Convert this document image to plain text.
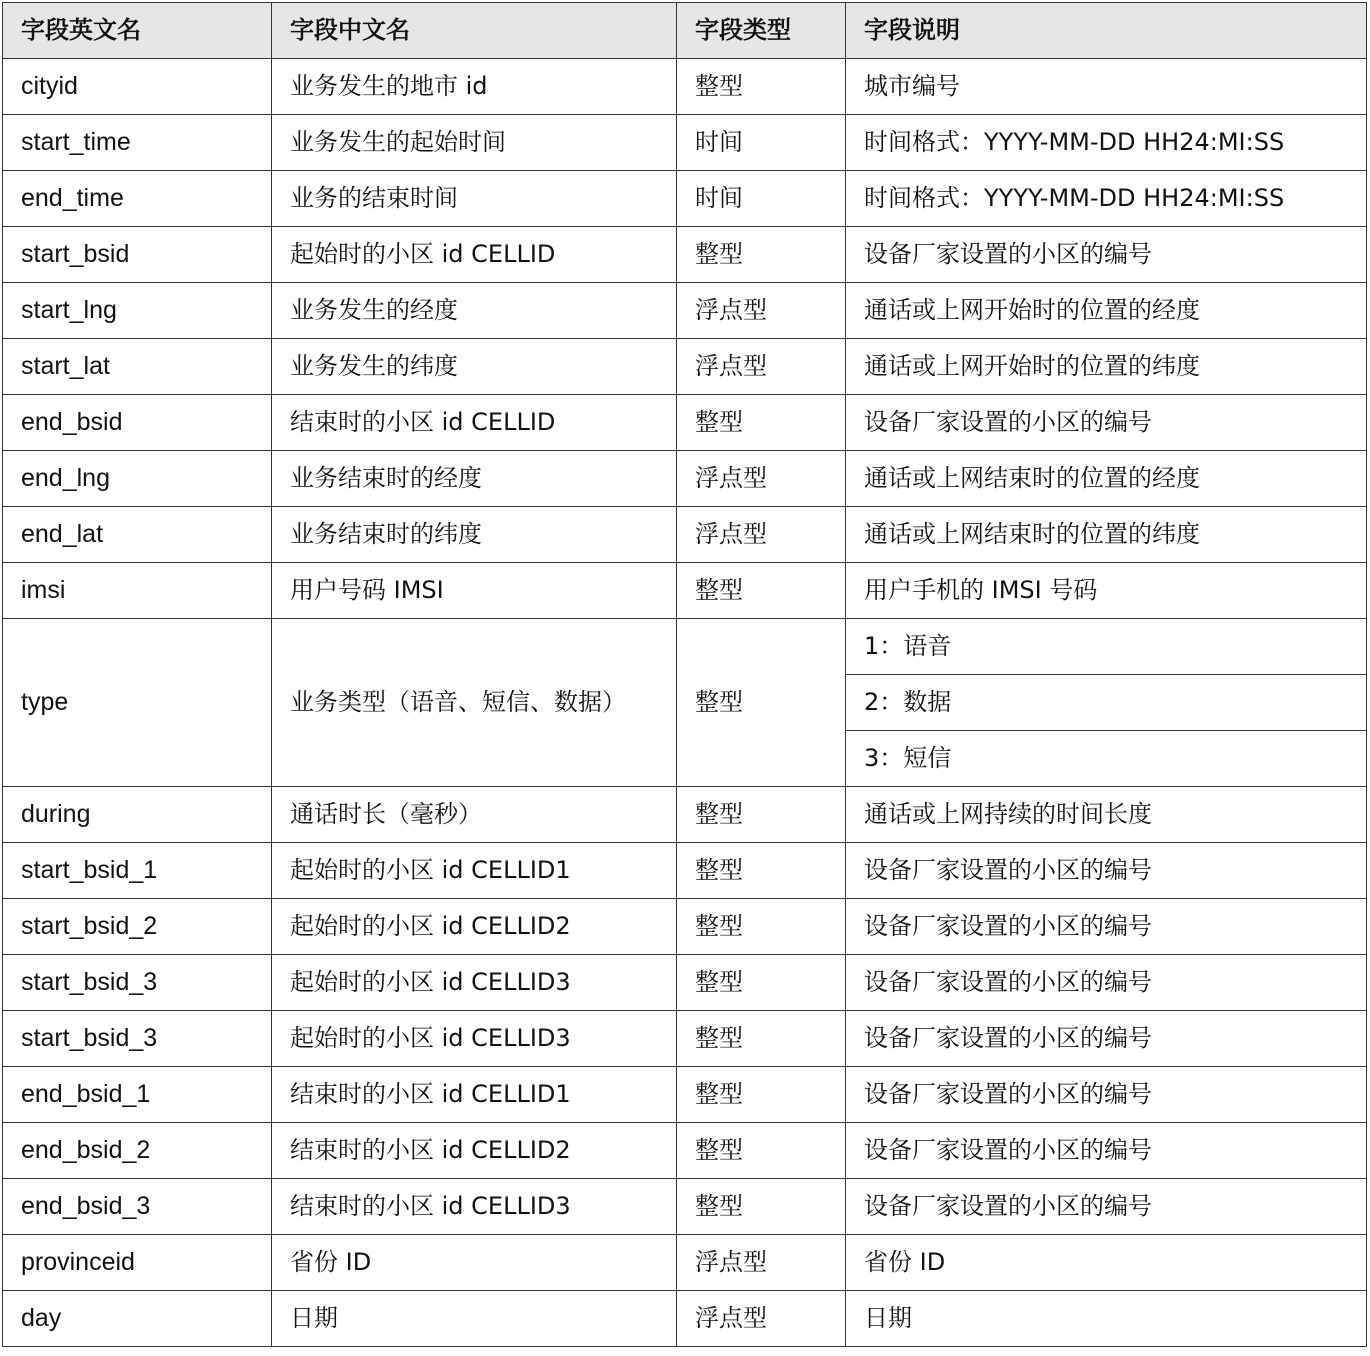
字段英文名	字段中文名	字段类型	字段说明
cityid	业务发生的地市 id	整型	城市编号
start_time	业务发生的起始时间	时间	时间格式：YYYY-MM-DD HH24:MI:SS
end_time	业务的结束时间	时间	时间格式：YYYY-MM-DD HH24:MI:SS
start_bsid	起始时的小区 id CELLID	整型	设备厂家设置的小区的编号
start_lng	业务发生的经度	浮点型	通话或上网开始时的位置的经度
start_lat	业务发生的纬度	浮点型	通话或上网开始时的位置的纬度
end_bsid	结束时的小区 id CELLID	整型	设备厂家设置的小区的编号
end_lng	业务结束时的经度	浮点型	通话或上网结束时的位置的经度
end_lat	业务结束时的纬度	浮点型	通话或上网结束时的位置的纬度
imsi	用户号码 IMSI	整型	用户手机的 IMSI 号码
type	业务类型（语音、短信、数据）	整型	1：语音
			2：数据
			3：短信
during	通话时长（毫秒）	整型	通话或上网持续的时间长度
start_bsid_1	起始时的小区 id CELLID1	整型	设备厂家设置的小区的编号
start_bsid_2	起始时的小区 id CELLID2	整型	设备厂家设置的小区的编号
start_bsid_3	起始时的小区 id CELLID3	整型	设备厂家设置的小区的编号
start_bsid_3	起始时的小区 id CELLID3	整型	设备厂家设置的小区的编号
end_bsid_1	结束时的小区 id CELLID1	整型	设备厂家设置的小区的编号
end_bsid_2	结束时的小区 id CELLID2	整型	设备厂家设置的小区的编号
end_bsid_3	结束时的小区 id CELLID3	整型	设备厂家设置的小区的编号
provinceid	省份 ID	浮点型	省份 ID
day	日期	浮点型	日期
